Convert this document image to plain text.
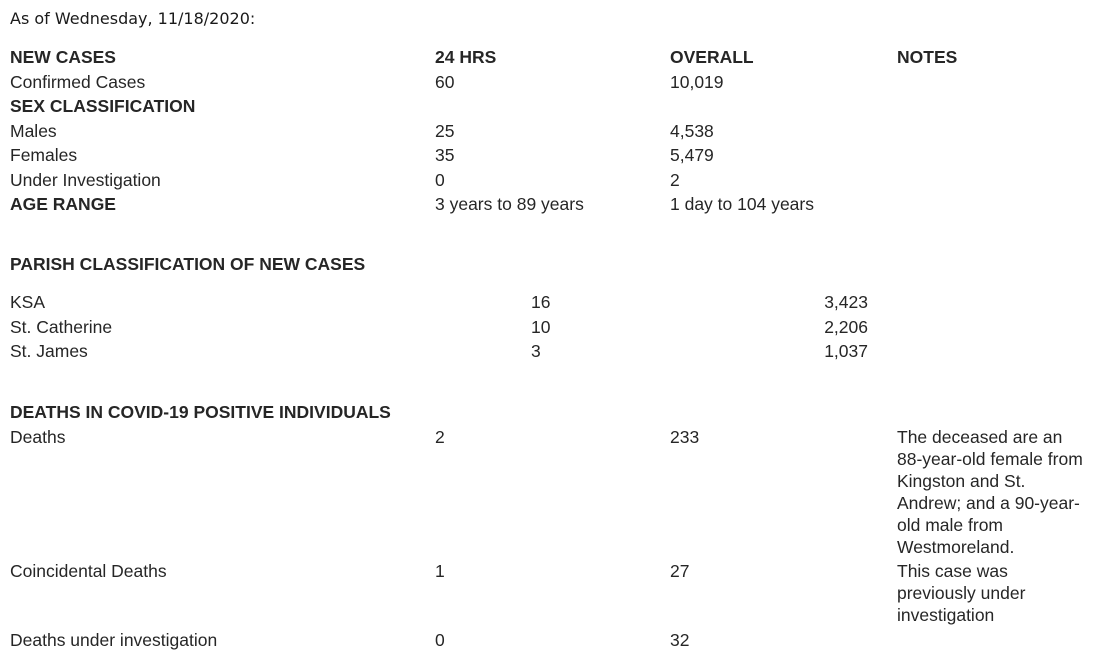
As of Wednesday, 11/18/2020:
NEW CASES	24 HRS	OVERALL	NOTES
Confirmed Cases	60	10,019
SEX CLASSIFICATION
Males	25	4,538
Females	35	5,479
Under Investigation	0	2
AGE RANGE	3 years to 89 years	1 day to 104 years
PARISH CLASSIFICATION OF NEW CASES
KSA	16	3,423
St. Catherine	10	2,206
St. James	3	1,037
DEATHS IN COVID-19 POSITIVE INDIVIDUALS
Deaths	2	233	The deceased are an 88-year-old female from Kingston and St. Andrew; and a 90-year-old male from Westmoreland.
Coincidental Deaths	1	27	This case was previously under investigation
Deaths under investigation	0	32
